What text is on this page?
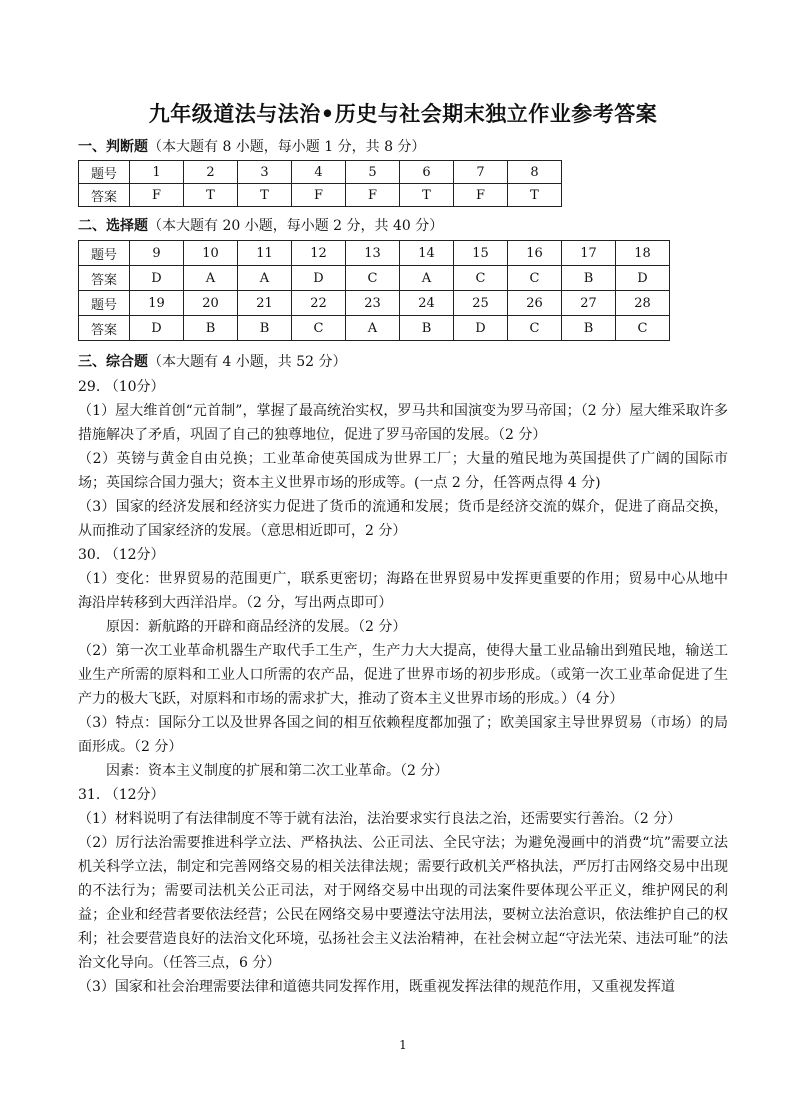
九年级道法与法治•历史与社会期末独立作业参考答案
一、判断题（本大题有 8 小题，每小题 1 分，共 8 分）
题号	1	2	3	4	5	6	7	8
答案	F	T	T	F	F	T	F	T
二、选择题（本大题有 20 小题，每小题 2 分，共 40 分）
题号	9	10	11	12	13	14	15	16	17	18
答案	D	A	A	D	C	A	C	C	B	D
题号	19	20	21	22	23	24	25	26	27	28
答案	D	B	B	C	A	B	D	C	B	C
三、综合题（本大题有 4 小题，共 52 分）

29. （10分）

（1）屋大维首创“元首制”，掌握了最高统治实权，罗马共和国演变为罗马帝国；（2 分）屋大维采取许多措施解决了矛盾，巩固了自己的独尊地位，促进了罗马帝国的发展。（2 分）

（2）英镑与黄金自由兑换；工业革命使英国成为世界工厂；大量的殖民地为英国提供了广阔的国际市场；英国综合国力强大；资本主义世界市场的形成等。(一点 2 分，任答两点得 4 分)

（3）国家的经济发展和经济实力促进了货币的流通和发展；货币是经济交流的媒介，促进了商品交换，从而推动了国家经济的发展。（意思相近即可，2 分）

30. （12分）

（1）变化：世界贸易的范围更广，联系更密切；海路在世界贸易中发挥更重要的作用；贸易中心从地中海沿岸转移到大西洋沿岸。（2 分，写出两点即可）

原因：新航路的开辟和商品经济的发展。（2 分）

（2）第一次工业革命机器生产取代手工生产，生产力大大提高，使得大量工业品输出到殖民地，输送工业生产所需的原料和工业人口所需的农产品，促进了世界市场的初步形成。（或第一次工业革命促进了生产力的极大飞跃，对原料和市场的需求扩大，推动了资本主义世界市场的形成。）（4 分）

（3）特点：国际分工以及世界各国之间的相互依赖程度都加强了；欧美国家主导世界贸易（市场）的局面形成。（2 分）

因素：资本主义制度的扩展和第二次工业革命。（2 分）

31. （12分）

（1）材料说明了有法律制度不等于就有法治，法治要求实行良法之治，还需要实行善治。（2 分）

（2）厉行法治需要推进科学立法、严格执法、公正司法、全民守法；为避免漫画中的消费“坑”需要立法机关科学立法，制定和完善网络交易的相关法律法规；需要行政机关严格执法，严厉打击网络交易中出现的不法行为；需要司法机关公正司法，对于网络交易中出现的司法案件要体现公平正义，维护网民的利益；企业和经营者要依法经营；公民在网络交易中要遵法守法用法，要树立法治意识，依法维护自己的权利；社会要营造良好的法治文化环境，弘扬社会主义法治精神，在社会树立起“守法光荣、违法可耻”的法治文化导向。（任答三点，6 分）

（3）国家和社会治理需要法律和道德共同发挥作用，既重视发挥法律的规范作用，又重视发挥道

1
